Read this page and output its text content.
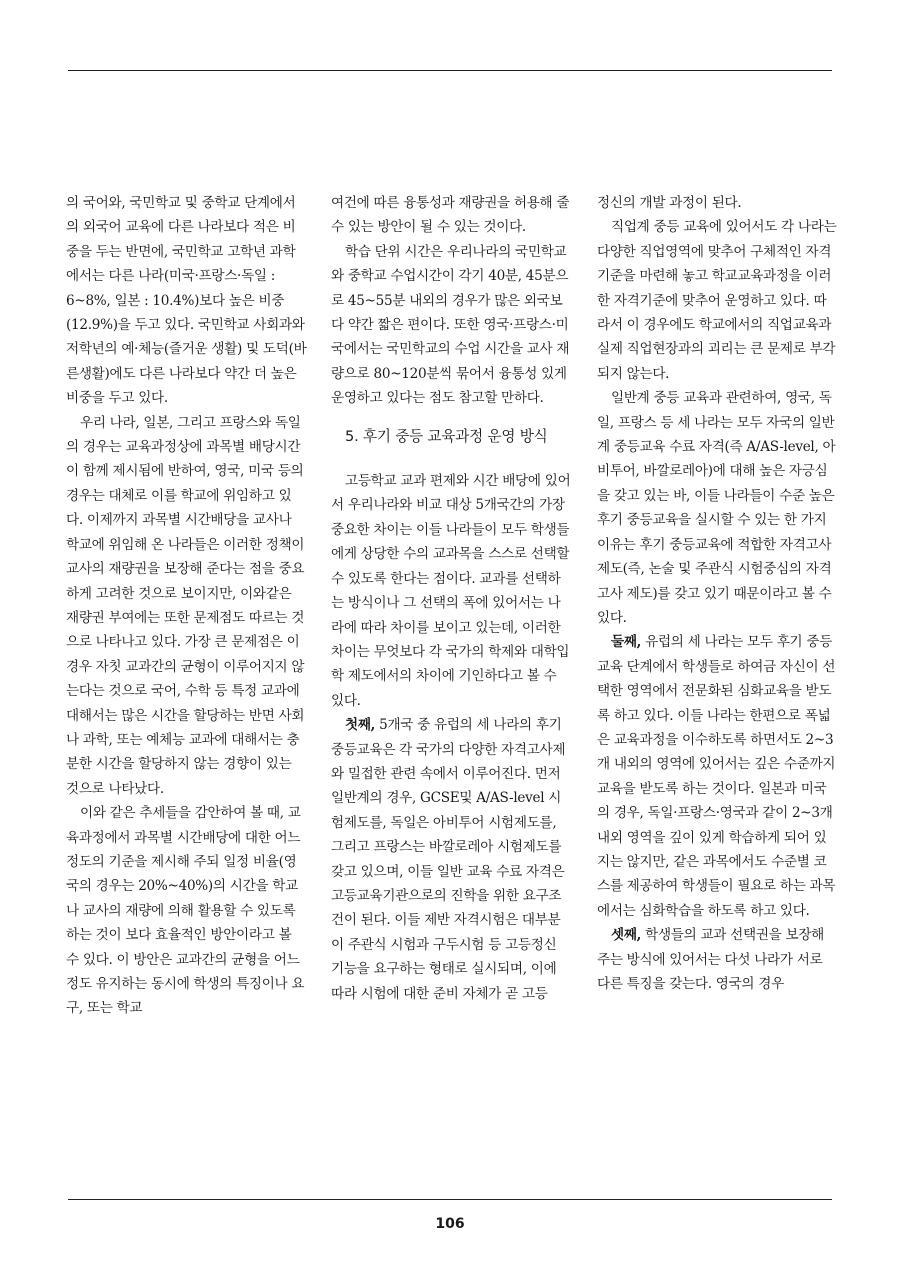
의 국어와, 국민학교 및 중학교 단계에서의 외국어 교육에 다른 나라보다 적은 비중을 두는 반면에, 국민학교 고학년 과학에서는 다른 나라(미국·프랑스·독일 : 6~8%, 일본 : 10.4%)보다 높은 비중(12.9%)을 두고 있다. 국민학교 사회과와 저학년의 예·체능(즐거운 생활) 및 도덕(바른생활)에도 다른 나라보다 약간 더 높은 비중을 두고 있다.

우리 나라, 일본, 그리고 프랑스와 독일의 경우는 교육과정상에 과목별 배당시간이 함께 제시됨에 반하여, 영국, 미국 등의 경우는 대체로 이를 학교에 위임하고 있다. 이제까지 과목별 시간배당을 교사나 학교에 위임해 온 나라들은 이러한 정책이 교사의 재량권을 보장해 준다는 점을 중요하게 고려한 것으로 보이지만, 이와같은 재량권 부여에는 또한 문제점도 따르는 것으로 나타나고 있다. 가장 큰 문제점은 이 경우 자칫 교과간의 균형이 이루어지지 않는다는 것으로 국어, 수학 등 특정 교과에 대해서는 많은 시간을 할당하는 반면 사회나 과학, 또는 예체능 교과에 대해서는 충분한 시간을 할당하지 않는 경향이 있는 것으로 나타났다.

이와 같은 추세들을 감안하여 볼 때, 교육과정에서 과목별 시간배당에 대한 어느 정도의 기준을 제시해 주되 일정 비율(영국의 경우는 20%~40%)의 시간을 학교나 교사의 재량에 의해 활용할 수 있도록 하는 것이 보다 효율적인 방안이라고 볼 수 있다. 이 방안은 교과간의 균형을 어느정도 유지하는 동시에 학생의 특징이나 요구, 또는 학교

여건에 따른 융통성과 재량권을 허용해 줄 수 있는 방안이 될 수 있는 것이다.

학습 단위 시간은 우리나라의 국민학교와 중학교 수업시간이 각기 40분, 45분으로 45~55분 내외의 경우가 많은 외국보다 약간 짧은 편이다. 또한 영국·프랑스·미국에서는 국민학교의 수업 시간을 교사 재량으로 80~120분씩 묶어서 융통성 있게 운영하고 있다는 점도 참고할 만하다.

5. 후기 중등 교육과정 운영 방식

고등학교 교과 편제와 시간 배당에 있어서 우리나라와 비교 대상 5개국간의 가장 중요한 차이는 이들 나라들이 모두 학생들에게 상당한 수의 교과목을 스스로 선택할 수 있도록 한다는 점이다. 교과를 선택하는 방식이나 그 선택의 폭에 있어서는 나라에 따라 차이를 보이고 있는데, 이러한 차이는 무엇보다 각 국가의 학제와 대학입학 제도에서의 차이에 기인하다고 볼 수 있다.

첫째, 5개국 중 유럽의 세 나라의 후기 중등교육은 각 국가의 다양한 자격고사제와 밀접한 관련 속에서 이루어진다. 먼저 일반계의 경우, GCSE및 A/AS-level 시험제도를, 독일은 아비투어 시험제도를, 그리고 프랑스는 바깔로레아 시험제도를 갖고 있으며, 이들 일반 교육 수료 자격은 고등교육기관으로의 진학을 위한 요구조건이 된다. 이들 제반 자격시험은 대부분이 주관식 시험과 구두시험 등 고등정신 기능을 요구하는 형태로 실시되며, 이에 따라 시험에 대한 준비 자체가 곧 고등

정신의 개발 과정이 된다.

직업계 중등 교육에 있어서도 각 나라는 다양한 직업영역에 맞추어 구체적인 자격기준을 마련해 놓고 학교교육과정을 이러한 자격기준에 맞추어 운영하고 있다. 따라서 이 경우에도 학교에서의 직업교육과 실제 직업현장과의 괴리는 큰 문제로 부각되지 않는다.

일반계 중등 교육과 관련하여, 영국, 독일, 프랑스 등 세 나라는 모두 자국의 일반계 중등교육 수료 자격(즉 A/AS-level, 아비투어, 바깔로레아)에 대해 높은 자긍심을 갖고 있는 바, 이들 나라들이 수준 높은 후기 중등교육을 실시할 수 있는 한 가지 이유는 후기 중등교육에 적합한 자격고사 제도(즉, 논술 및 주관식 시험중심의 자격고사 제도)를 갖고 있기 때문이라고 볼 수 있다.

둘째, 유럽의 세 나라는 모두 후기 중등교육 단계에서 학생들로 하여금 자신이 선택한 영역에서 전문화된 심화교육을 받도록 하고 있다. 이들 나라는 한편으로 폭넓은 교육과정을 이수하도록 하면서도 2~3개 내외의 영역에 있어서는 깊은 수준까지 교육을 받도록 하는 것이다. 일본과 미국의 경우, 독일·프랑스·영국과 같이 2~3개 내외 영역을 깊이 있게 학습하게 되어 있지는 않지만, 같은 과목에서도 수준별 코스를 제공하여 학생들이 필요로 하는 과목에서는 심화학습을 하도록 하고 있다.

셋째, 학생들의 교과 선택권을 보장해 주는 방식에 있어서는 다섯 나라가 서로 다른 특징을 갖는다. 영국의 경우

106
